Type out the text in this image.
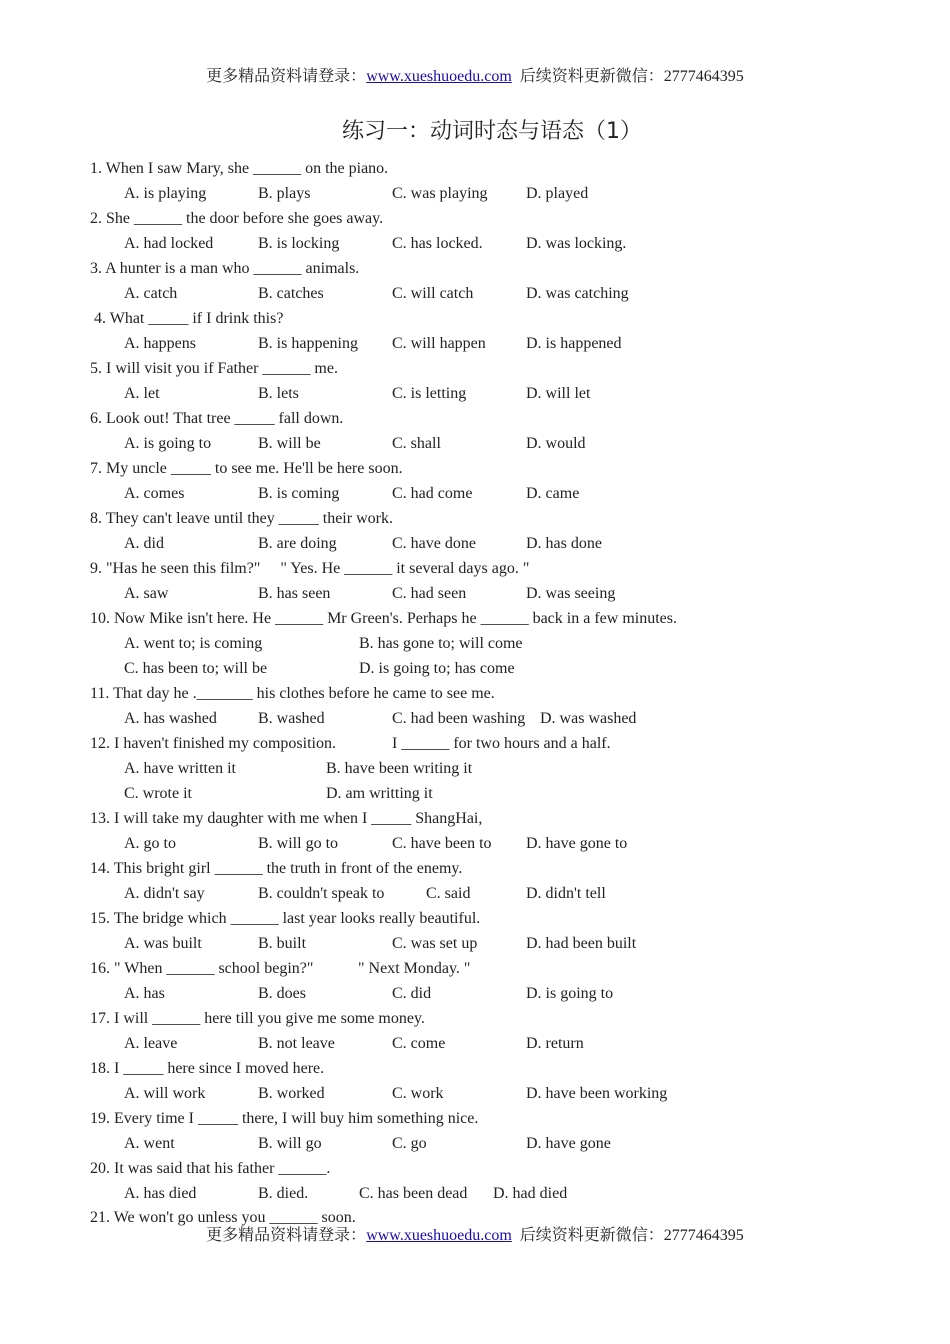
更多精品资料请登录：www.xueshuoedu.com 后续资料更新微信：2777464395
练习一：动词时态与语态（1）
1. When I saw Mary, she ______ on the piano.
A. is playing	B. plays	C. was playing D. played
2. She ______ the door before she goes away.
A. had locked	B. is locking	C. has locked.	D. was locking.
3. A hunter is a man who ______ animals.
A. catch	B. catches	C. will catch	D. was catching
4. What _____ if I drink this?
A. happens	B. is happening C. will happen	D. is happened
5. I will visit you if Father ______ me.
A. let	B. lets	C. is letting	D. will let
6. Look out! That tree _____ fall down.
A. is going to	B. will be	C. shall	D. would
7. My uncle _____ to see me. He'll be here soon.
A. comes	B. is coming	C. had come	D. came
8. They can't leave until they _____ their work.
A. did	B. are doing	C. have done	D. has done
9. "Has he seen this film?"     " Yes. He ______ it several days ago. "
A. saw	B. has seen	C. had seen	D. was seeing
10. Now Mike isn't here. He ______ Mr Green's. Perhaps he ______ back in a few minutes.
A. went to; is coming	B. has gone to; will come
C. has been to; will be	D. is going to; has come
11. That day he ._______ his clothes before he came to see me.
A. has washed	B. washed	C. had been washing D. was washed
12. I haven't finished my composition.	I ______ for two hours and a half.
A. have written it	B. have been writing it
C. wrote it	D. am writting it
13. I will take my daughter with me when I _____ ShangHai,
A. go to	B. will go to	C. have been to D. have gone to
14. This bright girl ______ the truth in front of the enemy.
A. didn't say	B. couldn't speak to	C. said	D. didn't tell
15. The bridge which ______ last year looks really beautiful.
A. was built	B. built	C. was set up	D. had been built
16. " When ______ school begin?"	" Next Monday. "
A. has	B. does	C. did	D. is going to
17. I will ______ here till you give me some money.
A. leave	B. not leave	C. come	D. return
18. I _____ here since I moved here.
A. will work	B. worked	C. work	D. have been working
19. Every time I _____ there, I will buy him something nice.
A. went	B. will go	C. go	D. have gone
20. It was said that his father ______.
A. has died	B. died.	C. has been dead D. had died
21. We won't go unless you ______ soon.
更多精品资料请登录：www.xueshuoedu.com 后续资料更新微信：2777464395
